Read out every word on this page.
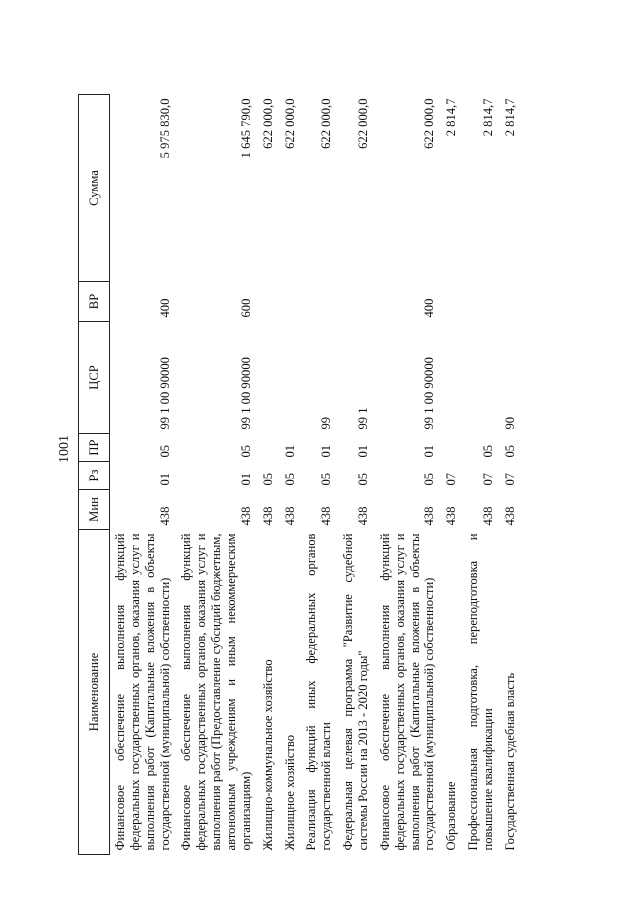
1001
Наименование	Мин	Рз	ПР	ЦСР	ВР	Сумма
Финансовое обеспечение выполнения функций федеральных государственных органов, оказания услуг и выполнения работ (Капитальные вложения в объекты государственной (муниципальной) собственности)	438	01	05	99 1 00 90000	400	5 975 830,0
Финансовое обеспечение выполнения функций федеральных государственных органов, оказания услуг и выполнения работ (Предоставление субсидий бюджетным, автономным учреждениям и иным некоммерческим организациям)	438	01	05	99 1 00 90000	600	1 645 790,0
Жилищно-коммунальное хозяйство	438	05				622 000,0
Жилищное хозяйство	438	05	01			622 000,0
Реализация функций иных федеральных органов государственной власти	438	05	01	99		622 000,0
Федеральная целевая программа "Развитие судебной системы России на 2013 - 2020 годы"	438	05	01	99 1		622 000,0
Финансовое обеспечение выполнения функций федеральных государственных органов, оказания услуг и выполнения работ (Капитальные вложения в объекты государственной (муниципальной) собственности)	438	05	01	99 1 00 90000	400	622 000,0
Образование	438	07				2 814,7
Профессиональная подготовка, переподготовка и повышение квалификации	438	07	05			2 814,7
Государственная судебная власть	438	07	05	90		2 814,7
